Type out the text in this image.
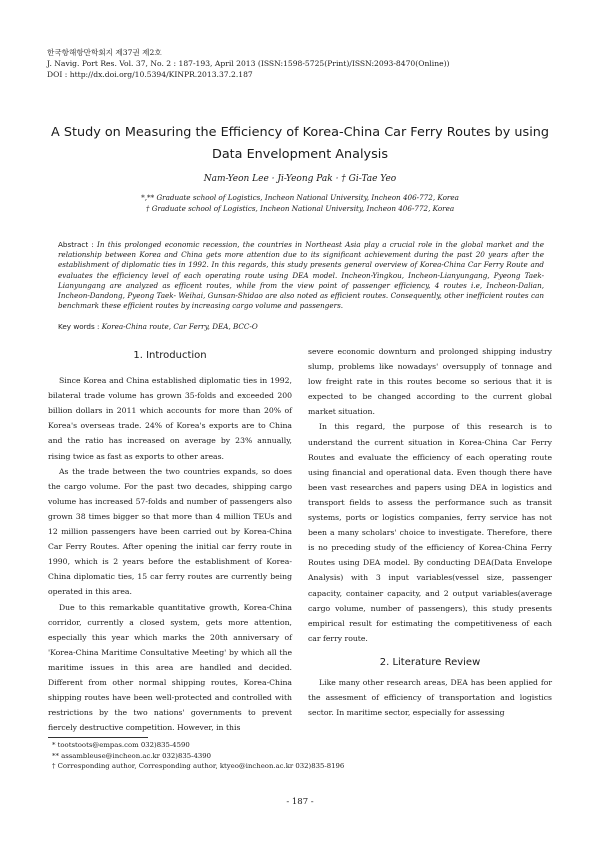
한국항해항만학회지 제37권 제2호
J. Navig. Port Res. Vol. 37, No. 2 : 187-193, April 2013 (ISSN:1598-5725(Print)/ISSN:2093-8470(Online))
DOI : http://dx.doi.org/10.5394/KINPR.2013.37.2.187
A Study on Measuring the Efficiency of Korea-China Car Ferry Routes by using
Data Envelopment Analysis
Nam-Yeon Lee · Ji-Yeong Pak · † Gi-Tae Yeo
*,** Graduate school of Logistics, Incheon National University, Incheon 406-772, Korea
† Graduate school of Logistics, Incheon National University, Incheon 406-772, Korea
Abstract : In this prolonged economic recession, the countries in Northeast Asia play a crucial role in the global market and the relationship between Korea and China gets more attention due to its significant achievement during the past 20 years after the establishment of diplomatic ties in 1992. In this regards, this study presents general overview of Korea-China Car Ferry Route and evaluates the efficiency level of each operating route using DEA model. Incheon-Yingkou, Incheon-Lianyungang, Pyeong Taek-Lianyungang are analyzed as efficent routes, while from the view point of passenger efficiency, 4 routes i.e, Incheon-Dalian, Incheon-Dandong, Pyeong Taek- Weihai, Gunsan-Shidao are also noted as efficient routes. Consequently, other inefficient routes can benchmark these efficient routes by increasing cargo volume and passengers.
Key words : Korea-China route, Car Ferry, DEA, BCC-O
1. Introduction

Since Korea and China established diplomatic ties in 1992, bilateral trade volume has grown 35-folds and exceeded 200 billion dollars in 2011 which accounts for more than 20% of Korea's overseas trade. 24% of Korea's exports are to China and the ratio has increased on average by 23% annually, rising twice as fast as exports to other areas.

As the trade between the two countries expands, so does the cargo volume. For the past two decades, shipping cargo volume has increased 57-folds and number of passengers also grown 38 times bigger so that more than 4 million TEUs and 12 million passengers have been carried out by Korea-China Car Ferry Routes. After opening the initial car ferry route in 1990, which is 2 years before the establishment of Korea-China diplomatic ties, 15 car ferry routes are currently being operated in this area.

Due to this remarkable quantitative growth, Korea-China corridor, currently a closed system, gets more attention, especially this year which marks the 20th anniversary of 'Korea-China Maritime Consultative Meeting' by which all the maritime issues in this area are handled and decided. Different from other normal shipping routes, Korea-China shipping routes have been well-protected and controlled with restrictions by the two nations' governments to prevent fiercely destructive competition. However, in this

severe economic downturn and prolonged shipping industry slump, problems like nowadays' oversupply of tonnage and low freight rate in this routes become so serious that it is expected to be changed according to the current global market situation.

In this regard, the purpose of this research is to understand the current situation in Korea-China Car Ferry Routes and evaluate the efficiency of each operating route using financial and operational data. Even though there have been vast researches and papers using DEA in logistics and transport fields to assess the performance such as transit systems, ports or logistics companies, ferry service has not been a many scholars' choice to investigate. Therefore, there is no preceding study of the efficiency of Korea-China Ferry Routes using DEA model. By conducting DEA(Data Envelope Analysis) with 3 input variables(vessel size, passenger capacity, container capacity, and 2 output variables(average cargo volume, number of passengers), this study presents empirical result for estimating the competitiveness of each car ferry route.

2. Literature Review

Like many other research areas, DEA has been applied for the assesment of efficiency of transportation and logistics sector. In maritime sector, especially for assessing

* tootstoots@empas.com 032)835-4590
** assambleuse@incheon.ac.kr 032)835-4390
† Corresponding author, Corresponding author, ktyeo@incheon.ac.kr 032)835-8196
- 187 -
